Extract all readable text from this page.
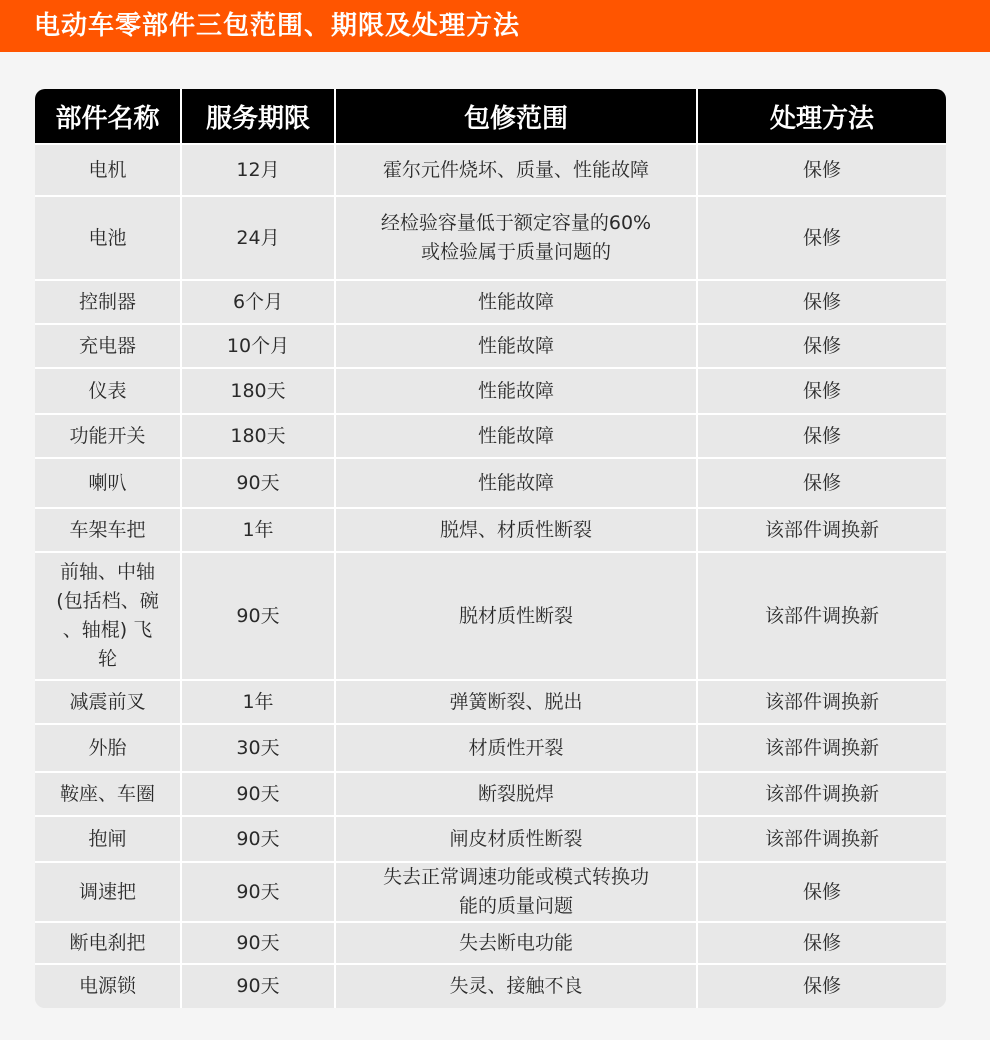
电动车零部件三包范围、期限及处理方法
部件名称	服务期限	包修范围	处理方法
电机	12月	霍尔元件烧坏、质量、性能故障	保修
电池	24月	经检验容量低于额定容量的60%
或检验属于质量问题的	保修
控制器	6个月	性能故障	保修
充电器	10个月	性能故障	保修
仪表	180天	性能故障	保修
功能开关	180天	性能故障	保修
喇叭	90天	性能故障	保修
车架车把	1年	脱焊、材质性断裂	该部件调换新
前轴、中轴
(包括档、碗
、轴棍) 飞
轮	90天	脱材质性断裂	该部件调换新
减震前叉	1年	弹簧断裂、脱出	该部件调换新
外胎	30天	材质性开裂	该部件调换新
鞍座、车圈	90天	断裂脱焊	该部件调换新
抱闸	90天	闸皮材质性断裂	该部件调换新
调速把	90天	失去正常调速功能或模式转换功
能的质量问题	保修
断电刹把	90天	失去断电功能	保修
电源锁	90天	失灵、接触不良	保修
